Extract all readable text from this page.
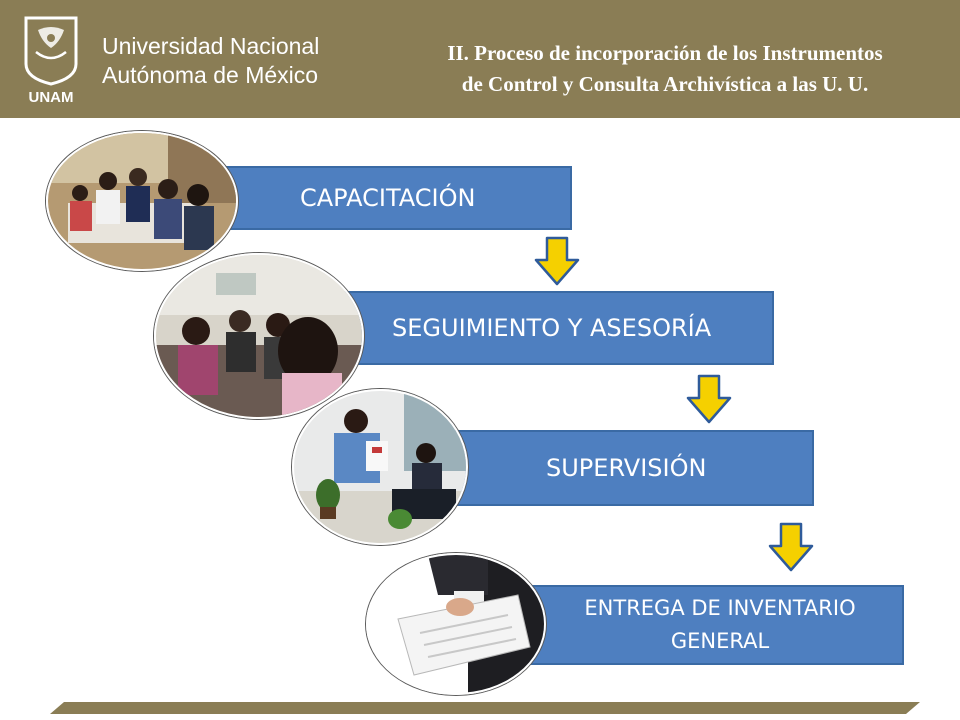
UNAM
Universidad Nacional
Autónoma de México
II. Proceso de incorporación de los Instrumentos
de Control y Consulta Archivística a las U. U.
CAPACITACIÓN
SEGUIMIENTO Y ASESORÍA
SUPERVISIÓN
ENTREGA DE INVENTARIO
GENERAL
